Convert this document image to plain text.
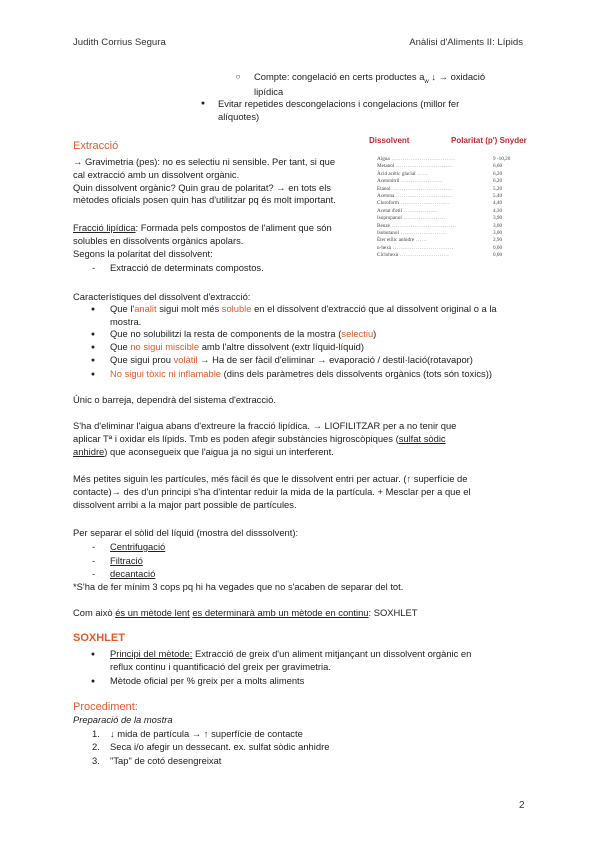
Judith Corrius Segura	Anàlisi d'Aliments II: Lípids
○ Compte: congelació en certs productes $a_w$ ↓ → oxidació
lipídica
●	Evitar repetides descongelacions i congelacions (millor fer
alíquotes)
Extracció
→ Gravimetria (pes): no es selectiu ni sensible. Per tant, si que
cal extracció amb un dissolvent orgànic.
Quin dissolvent orgànic? Quin grau de polaritat? → en tots els
mètodes oficials posen quin has d'utilitzar pq és molt important.
Fracció lipídica: Formada pels compostos de l'aliment que són
solubles en dissolvents orgànics apolars.
Segons la polaritat del dissolvent:
- Extracció de determinats compostos.
Dissolvent	Polaritat (p') Snyder
Aigua ..................................	9 -10,20
Metanol ..............................	6,60
Àcid acètic glacial ......	6,20
Acetonitril ......................	6,20
Etanol ................................	5,20
Acetona ..............................	5,40
Cloroform ..........................	4,40
Acetat d'etil ..................	4,30
Isopropanol ......................	3,90
Benzè ..................................	3,00
Isobutanol ........................	3,00
Èter etílic anhidre ......	2,90
n-hexà ................................	0,00
Ciclohexà ..........................	0,00
Característiques del dissolvent d'extracció:
●	Que l'analit sigui molt més soluble en el dissolvent d'extracció que al dissolvent original o a la
mostra.
●	Que no solubilitzi la resta de components de la mostra (selectiu)
●	Que no sigui miscible amb l'altre dissolvent (extr líquid-líquid)
●	Que sigui prou volàtil → Ha de ser fàcil d'eliminar → evaporació / destil·lació(rotavapor)
●	No sigui tòxic ni inflamable (dins dels paràmetres dels dissolvents orgànics (tots són toxics))
Únic o barreja, dependrà del sistema d'extracció.
S'ha d'eliminar l'aigua abans d'extreure la fracció lipídica. → LIOFILITZAR per a no tenir que
aplicar Tª i oxidar els lípids. Tmb es poden afegir substàncies higroscòpiques (sulfat sòdic
anhidre) que aconsegueix que l'aigua ja no sigui un interferent.
Més petites siguin les partícules, més fàcil és que le dissolvent entri per actuar. (↑ superfície de
contacte)→ des d'un principi s'ha d'intentar reduir la mida de la partícula. + Mesclar per a que el
dissolvent arribi a la major part possible de partícules.
Per separar el sòlid del líquid (mostra del disssolvent):
- Centrifugació
- Filtració
- decantació
*S'ha de fer mínim 3 cops pq hi ha vegades que no s'acaben de separar del tot.
Com això és un mètode lent es determinarà amb un mètode en continu: SOXHLET
SOXHLET
●	Principi del mètode: Extracció de greix d'un aliment mitjançant un dissolvent orgànic en
reflux continu i quantificació del greix per gravimetria.
●	Mètode oficial per % greix per a molts aliments
Procediment:
Preparació de la mostra
1. ↓ mida de partícula → ↑ superfície de contacte
2. Seca i/o afegir un dessecant. ex. sulfat sòdic anhidre
3. "Tap" de cotó desengreixat
2
